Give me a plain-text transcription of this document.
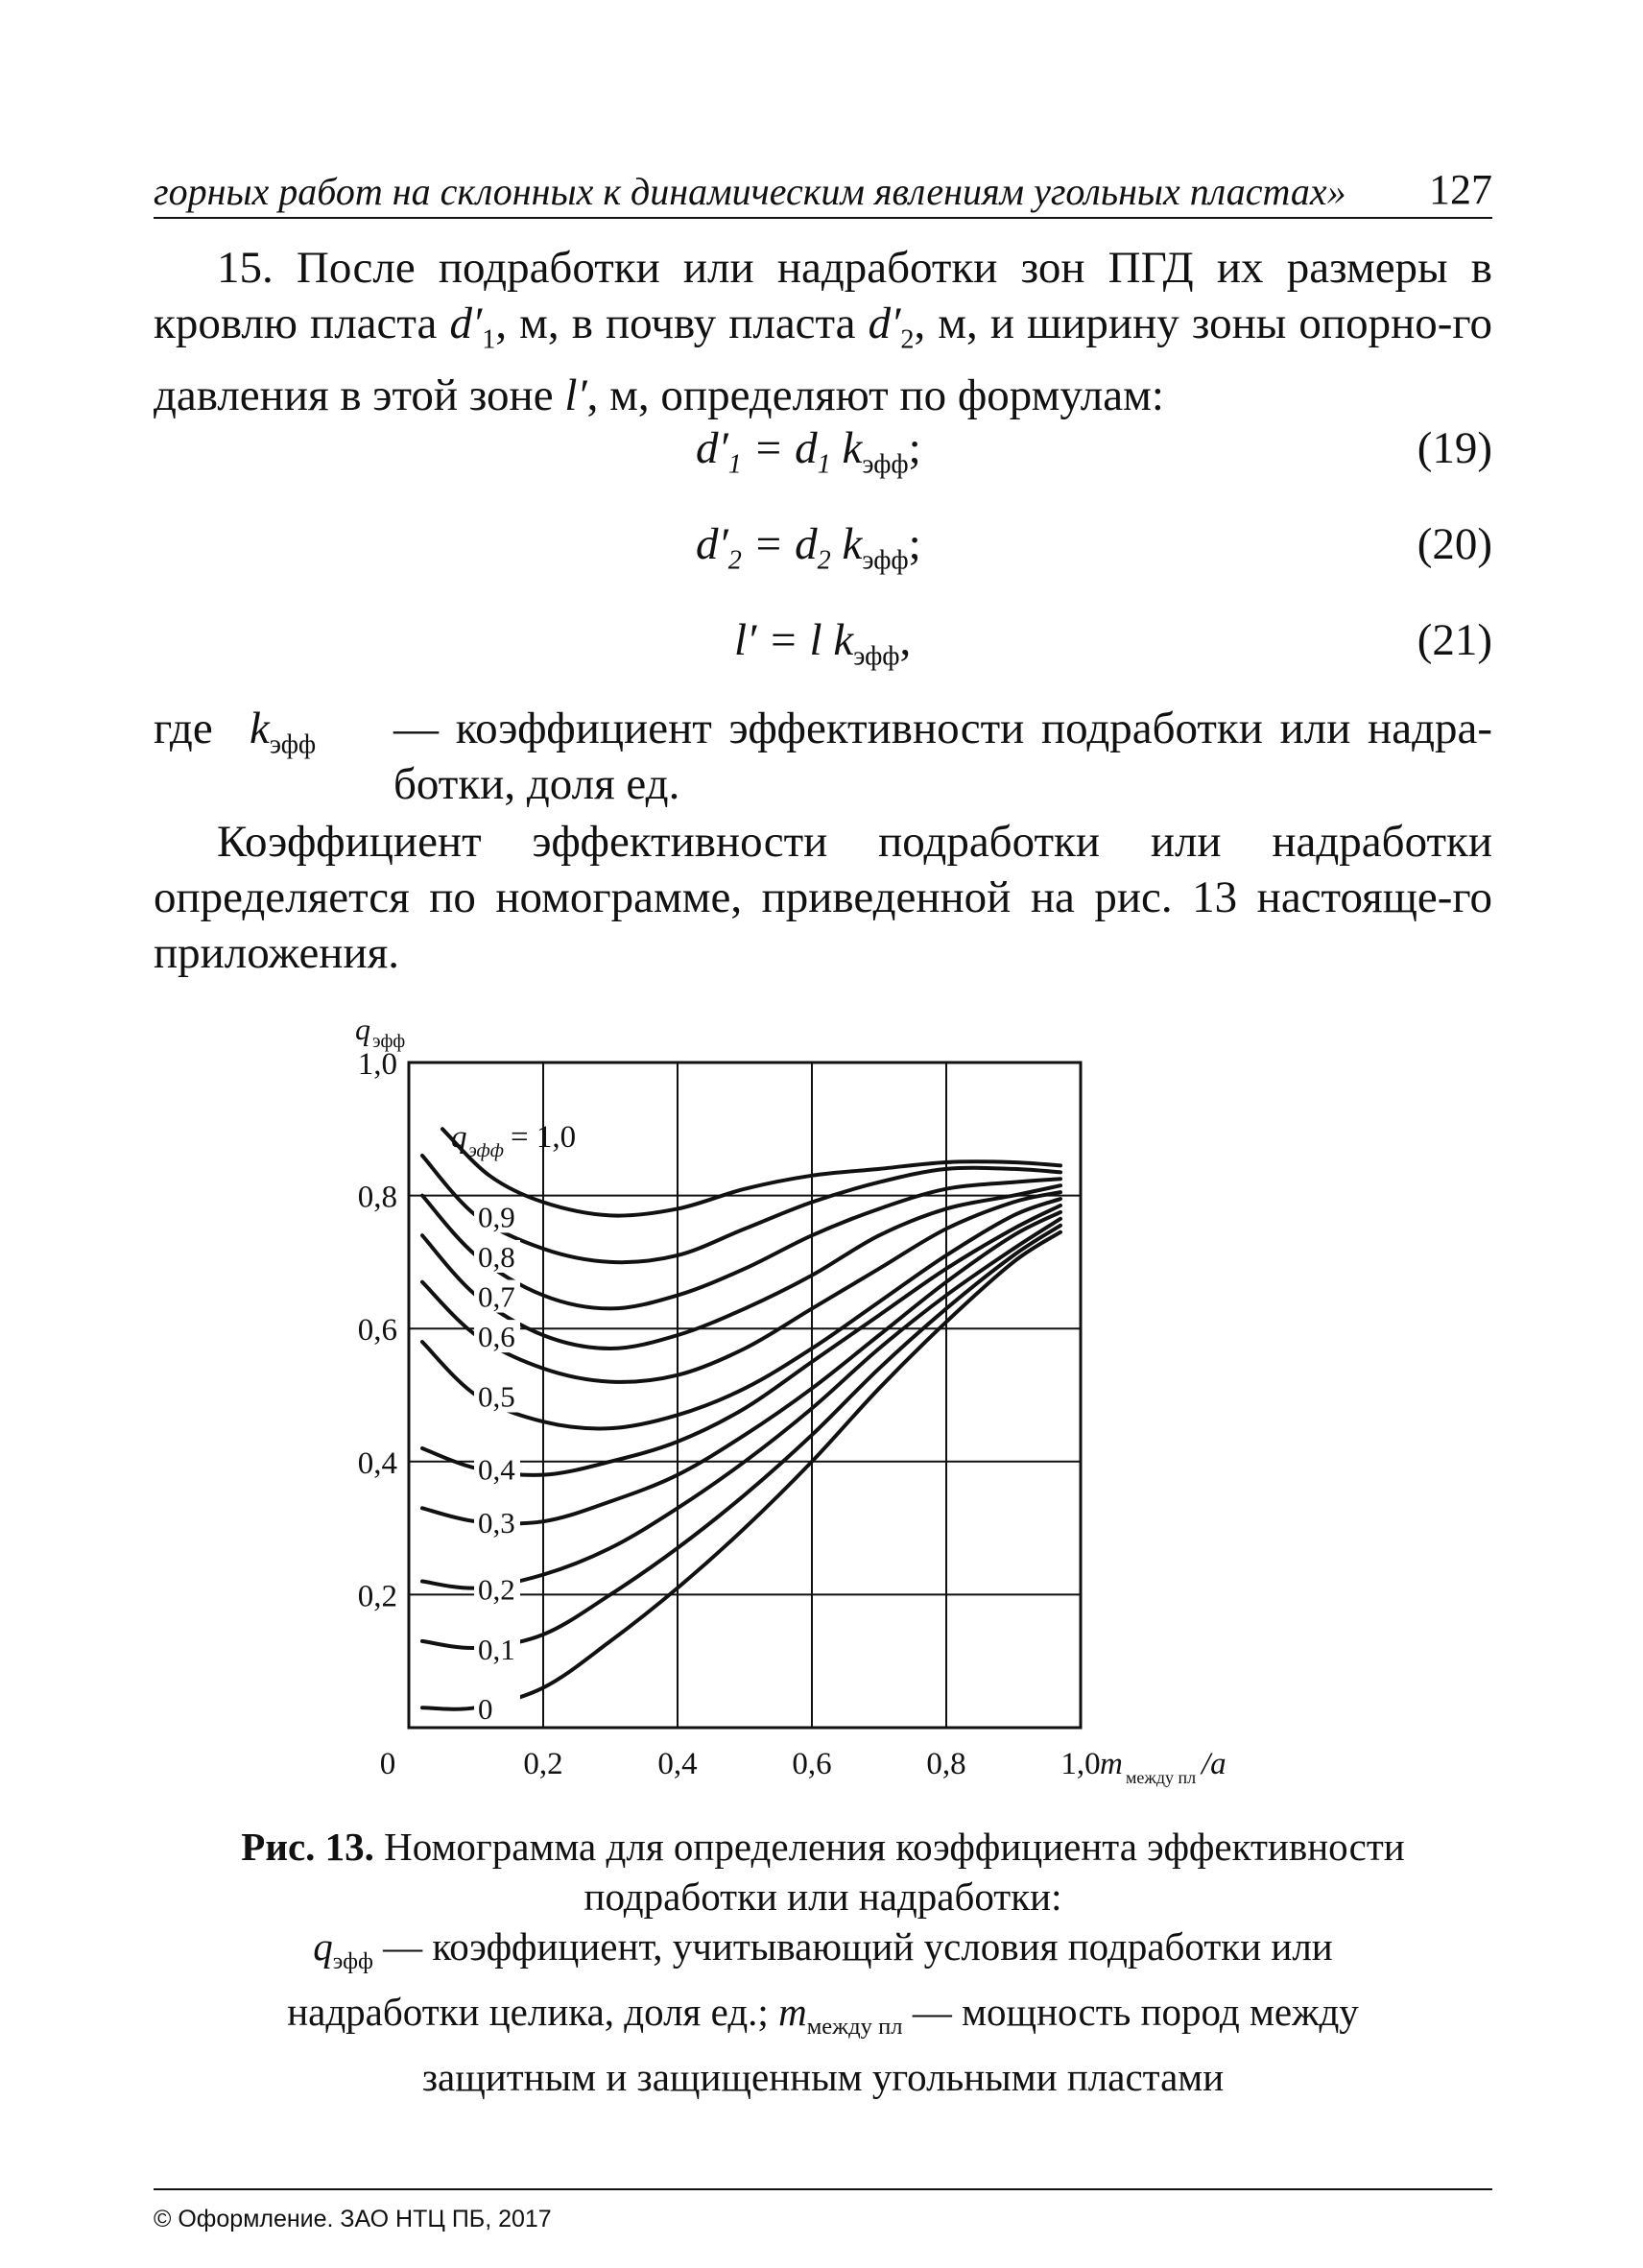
горных работ на склонных к динамическим явлениям угольных пластах» 127
15. После подработки или надработки зон ПГД их размеры в кровлю пласта $d'_1$, м, в почву пласта $d'_2$, м, и ширину зоны опорно-го давления в этой зоне l′, м, определяют по формулам:
$d'_1 = d_1$ $k_{эфф}$;	(19)
$d'_2 = d_2$ $k_{эфф}$;	(20)
l′ = l $k_{эфф}$,	(21)
где $k_{эфф}$ — коэффициент эффективности подработки или надра-ботки, доля ед.
Коэффициент эффективности подработки или надработки определяется по номограмме, приведенной на рис. 13 настояще-го приложения.
0	0,2	0,4	0,6	0,8	1,0
0,2
0,4
0,6
0,8
1,0
q эфф
m между пл /a
q эфф = 1,0
0,9
0,8
0,7
0,6
0,5
0,4
0,3
0,2
0,1
0
Рис. 13. Номограмма для определения коэффициента эффективности
подработки или надработки:
$q_{эфф}$ — коэффициент, учитывающий условия подработки или
надработки целика, доля ед.; $m_{между пл}$ — мощность пород между
защитным и защищенным угольными пластами
© Оформление. ЗАО НТЦ ПБ, 2017
